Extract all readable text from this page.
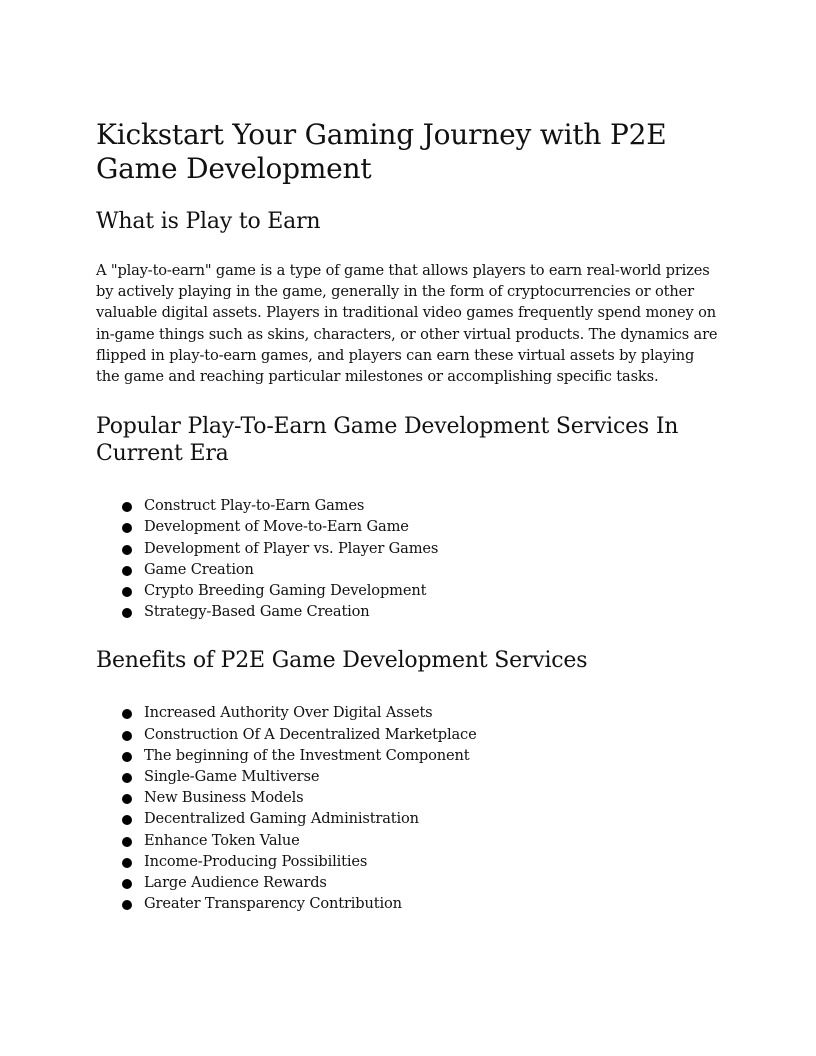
Kickstart Your Gaming Journey with P2E Game Development
What is Play to Earn

A "play-to-earn" game is a type of game that allows players to earn real-world prizes by actively playing in the game, generally in the form of cryptocurrencies or other valuable digital assets. Players in traditional video games frequently spend money on in-game things such as skins, characters, or other virtual products. The dynamics are flipped in play-to-earn games, and players can earn these virtual assets by playing the game and reaching particular milestones or accomplishing specific tasks.

Popular Play-To-Earn Game Development Services In Current Era
Construct Play-to-Earn Games
Development of Move-to-Earn Game
Development of Player vs. Player Games
Game Creation
Crypto Breeding Gaming Development
Strategy-Based Game Creation
Benefits of P2E Game Development Services
Increased Authority Over Digital Assets
Construction Of A Decentralized Marketplace
The beginning of the Investment Component
Single-Game Multiverse
New Business Models
Decentralized Gaming Administration
Enhance Token Value
Income-Producing Possibilities
Large Audience Rewards
Greater Transparency Contribution
